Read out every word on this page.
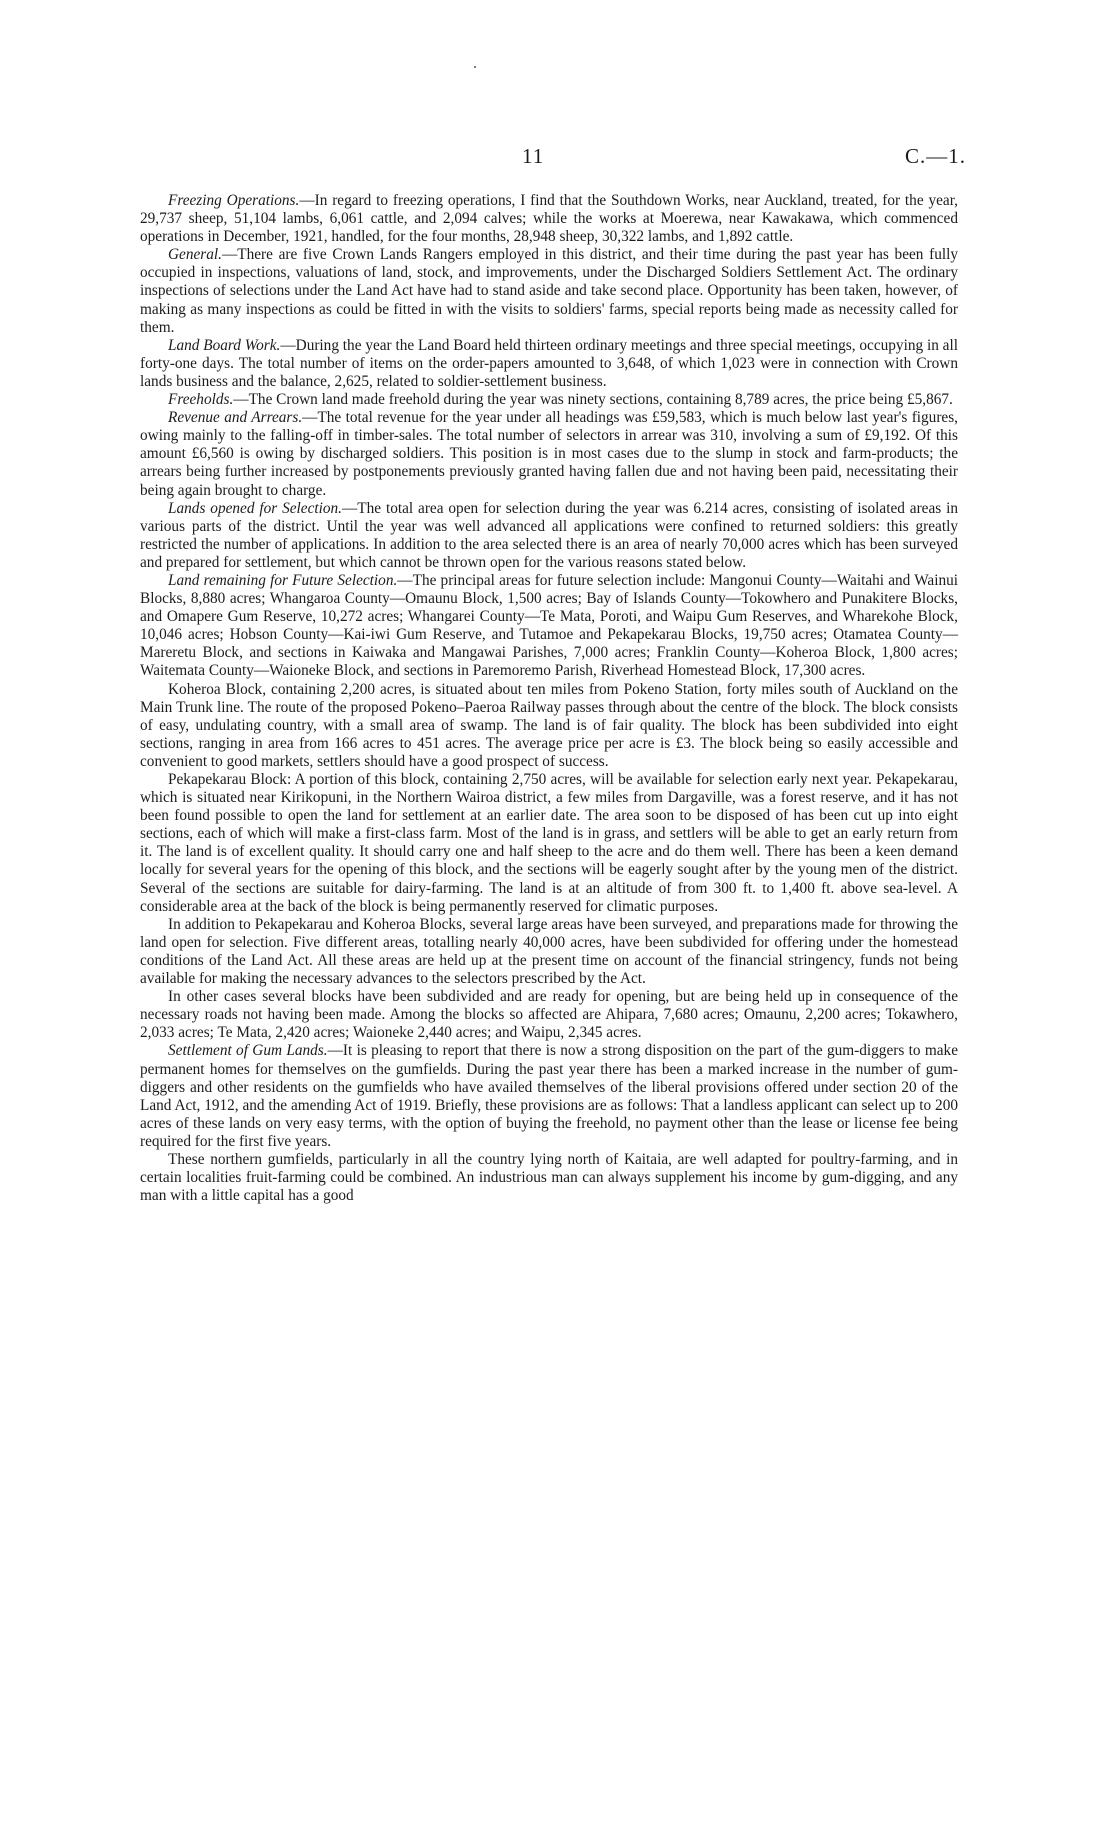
11	C.—1.

Freezing Operations.—In regard to freezing operations, I find that the Southdown Works, near Auckland, treated, for the year, 29,737 sheep, 51,104 lambs, 6,061 cattle, and 2,094 calves; while the works at Moerewa, near Kawakawa, which commenced operations in December, 1921, handled, for the four months, 28,948 sheep, 30,322 lambs, and 1,892 cattle.

General.—There are five Crown Lands Rangers employed in this district, and their time during the past year has been fully occupied in inspections, valuations of land, stock, and improvements, under the Discharged Soldiers Settlement Act. The ordinary inspections of selections under the Land Act have had to stand aside and take second place. Opportunity has been taken, however, of making as many inspections as could be fitted in with the visits to soldiers' farms, special reports being made as necessity called for them.

Land Board Work.—During the year the Land Board held thirteen ordinary meetings and three special meetings, occupying in all forty-one days. The total number of items on the order-papers amounted to 3,648, of which 1,023 were in connection with Crown lands business and the balance, 2,625, related to soldier-settlement business.

Freeholds.—The Crown land made freehold during the year was ninety sections, containing 8,789 acres, the price being £5,867.

Revenue and Arrears.—The total revenue for the year under all headings was £59,583, which is much below last year's figures, owing mainly to the falling-off in timber-sales. The total number of selectors in arrear was 310, involving a sum of £9,192. Of this amount £6,560 is owing by discharged soldiers. This position is in most cases due to the slump in stock and farm-products; the arrears being further increased by postponements previously granted having fallen due and not having been paid, necessitating their being again brought to charge.

Lands opened for Selection.—The total area open for selection during the year was 6.214 acres, consisting of isolated areas in various parts of the district. Until the year was well advanced all applications were confined to returned soldiers: this greatly restricted the number of applications. In addition to the area selected there is an area of nearly 70,000 acres which has been surveyed and prepared for settlement, but which cannot be thrown open for the various reasons stated below.

Land remaining for Future Selection.—The principal areas for future selection include: Mangonui County—Waitahi and Wainui Blocks, 8,880 acres; Whangaroa County—Omaunu Block, 1,500 acres; Bay of Islands County—Tokowhero and Punakitere Blocks, and Omapere Gum Reserve, 10,272 acres; Whangarei County—Te Mata, Poroti, and Waipu Gum Reserves, and Wharekohe Block, 10,046 acres; Hobson County—Kai-iwi Gum Reserve, and Tutamoe and Pekapekarau Blocks, 19,750 acres; Otamatea County—Mareretu Block, and sections in Kaiwaka and Mangawai Parishes, 7,000 acres; Franklin County—Koheroa Block, 1,800 acres; Waitemata County—Waioneke Block, and sections in Paremoremo Parish, Riverhead Homestead Block, 17,300 acres.

Koheroa Block, containing 2,200 acres, is situated about ten miles from Pokeno Station, forty miles south of Auckland on the Main Trunk line. The route of the proposed Pokeno–Paeroa Railway passes through about the centre of the block. The block consists of easy, undulating country, with a small area of swamp. The land is of fair quality. The block has been subdivided into eight sections, ranging in area from 166 acres to 451 acres. The average price per acre is £3. The block being so easily accessible and convenient to good markets, settlers should have a good prospect of success.

Pekapekarau Block: A portion of this block, containing 2,750 acres, will be available for selection early next year. Pekapekarau, which is situated near Kirikopuni, in the Northern Wairoa district, a few miles from Dargaville, was a forest reserve, and it has not been found possible to open the land for settlement at an earlier date. The area soon to be disposed of has been cut up into eight sections, each of which will make a first-class farm. Most of the land is in grass, and settlers will be able to get an early return from it. The land is of excellent quality. It should carry one and half sheep to the acre and do them well. There has been a keen demand locally for several years for the opening of this block, and the sections will be eagerly sought after by the young men of the district. Several of the sections are suitable for dairy-farming. The land is at an altitude of from 300 ft. to 1,400 ft. above sea-level. A considerable area at the back of the block is being permanently reserved for climatic purposes.

In addition to Pekapekarau and Koheroa Blocks, several large areas have been surveyed, and preparations made for throwing the land open for selection. Five different areas, totalling nearly 40,000 acres, have been subdivided for offering under the homestead conditions of the Land Act. All these areas are held up at the present time on account of the financial stringency, funds not being available for making the necessary advances to the selectors prescribed by the Act.

In other cases several blocks have been subdivided and are ready for opening, but are being held up in consequence of the necessary roads not having been made. Among the blocks so affected are Ahipara, 7,680 acres; Omaunu, 2,200 acres; Tokawhero, 2,033 acres; Te Mata, 2,420 acres; Waioneke 2,440 acres; and Waipu, 2,345 acres.

Settlement of Gum Lands.—It is pleasing to report that there is now a strong disposition on the part of the gum-diggers to make permanent homes for themselves on the gumfields. During the past year there has been a marked increase in the number of gum-diggers and other residents on the gumfields who have availed themselves of the liberal provisions offered under section 20 of the Land Act, 1912, and the amending Act of 1919. Briefly, these provisions are as follows: That a landless applicant can select up to 200 acres of these lands on very easy terms, with the option of buying the freehold, no payment other than the lease or license fee being required for the first five years.

These northern gumfields, particularly in all the country lying north of Kaitaia, are well adapted for poultry-farming, and in certain localities fruit-farming could be combined. An industrious man can always supplement his income by gum-digging, and any man with a little capital has a good
